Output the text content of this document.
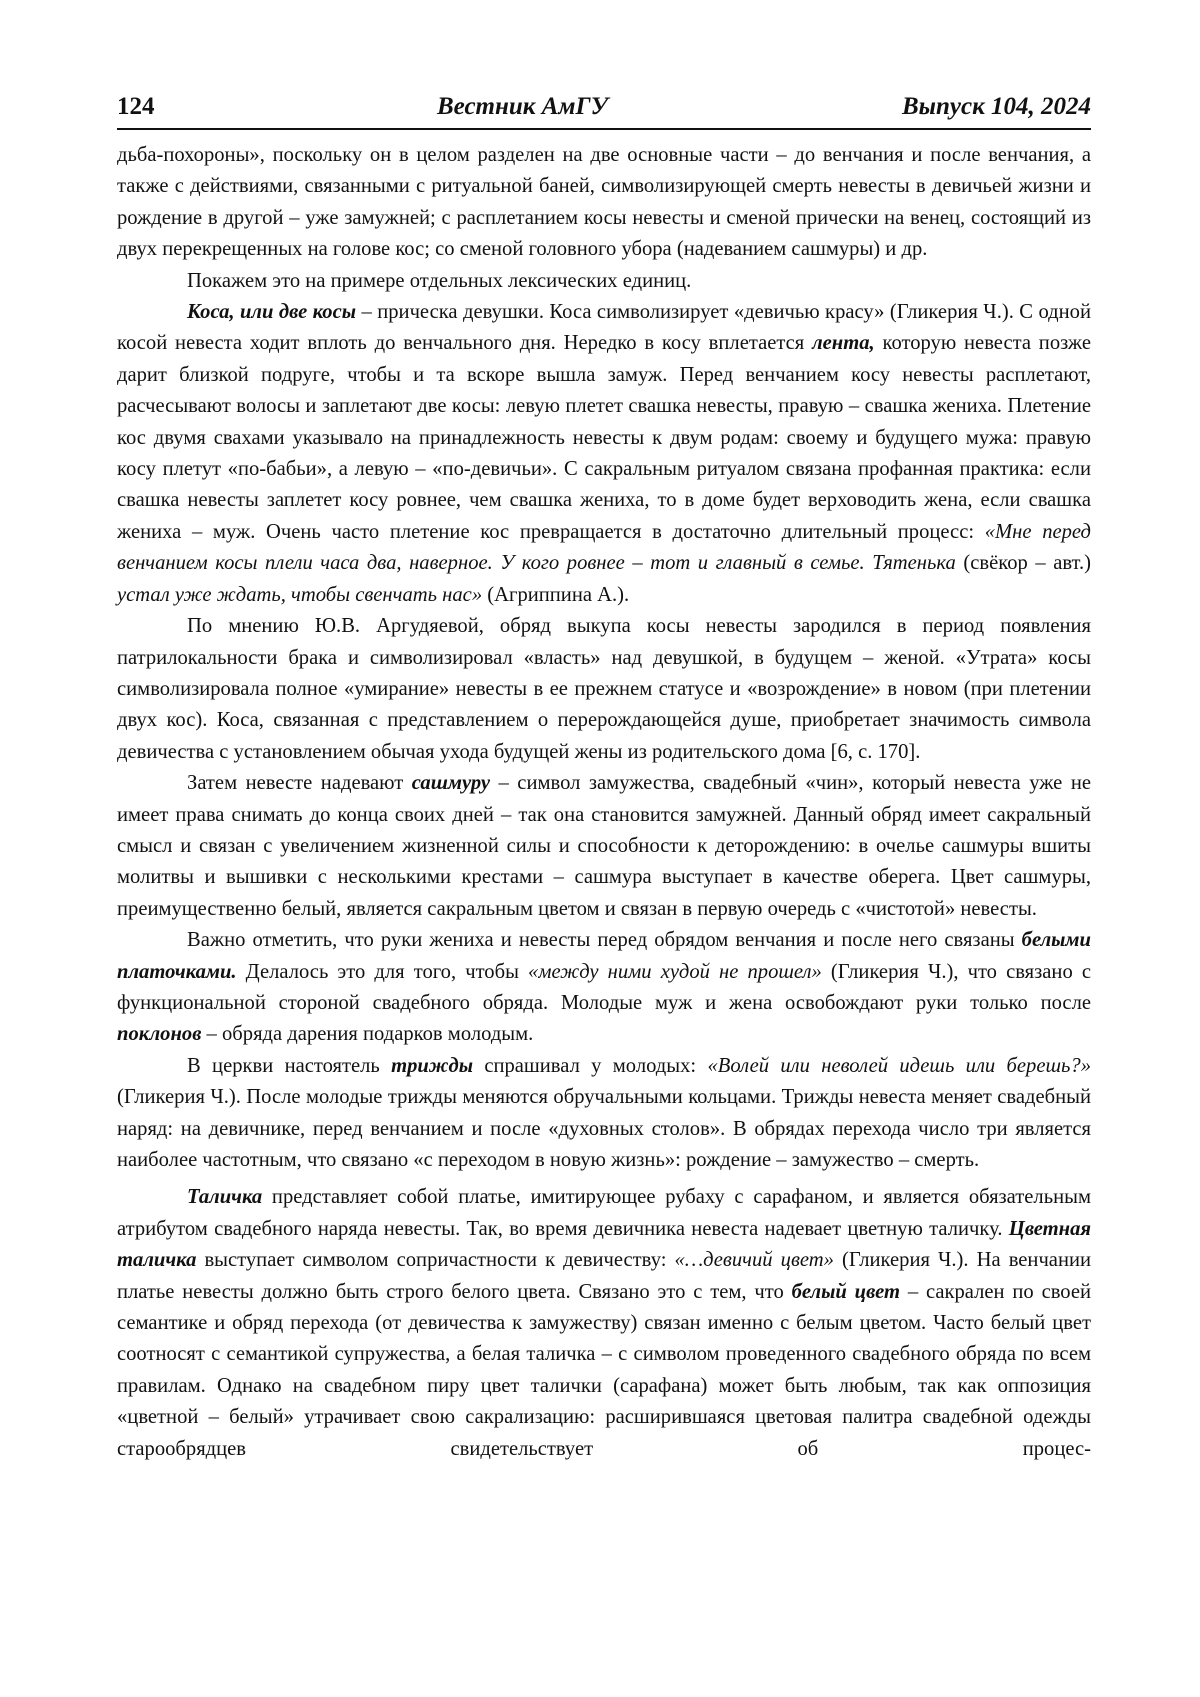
124	Вестник АмГУ	Выпуск 104, 2024

дьба-похороны», поскольку он в целом разделен на две основные части – до венчания и после венчания, а также с действиями, связанными с ритуальной баней, символизирующей смерть невесты в девичьей жизни и рождение в другой – уже замужней; с расплетанием косы невесты и сменой прически на венец, состоящий из двух перекрещенных на голове кос; со сменой головного убора (надеванием сашмуры) и др.

Покажем это на примере отдельных лексических единиц.

Коса, или две косы – прическа девушки. Коса символизирует «девичью красу» (Гликерия Ч.). С одной косой невеста ходит вплоть до венчального дня. Нередко в косу вплетается лента, которую невеста позже дарит близкой подруге, чтобы и та вскоре вышла замуж. Перед венчанием косу невесты расплетают, расчесывают волосы и заплетают две косы: левую плетет свашка невесты, правую – свашка жениха. Плетение кос двумя свахами указывало на принадлежность невесты к двум родам: своему и будущего мужа: правую косу плетут «по-бабьи», а левую – «по-девичьи». С сакральным ритуалом связана профанная практика: если свашка невесты заплетет косу ровнее, чем свашка жениха, то в доме будет верховодить жена, если свашка жениха – муж. Очень часто плетение кос превращается в достаточно длительный процесс: «Мне перед венчанием косы плели часа два, наверное. У кого ровнее – тот и главный в семье. Тятенька (свёкор – авт.) устал уже ждать, чтобы свенчать нас» (Агриппина А.).

По мнению Ю.В. Аргудяевой, обряд выкупа косы невесты зародился в период появления патрилокальности брака и символизировал «власть» над девушкой, в будущем – женой. «Утрата» косы символизировала полное «умирание» невесты в ее прежнем статусе и «возрождение» в новом (при плетении двух кос). Коса, связанная с представлением о перерождающейся душе, приобретает значимость символа девичества с установлением обычая ухода будущей жены из родительского дома [6, с. 170].

Затем невесте надевают сашмуру – символ замужества, свадебный «чин», который невеста уже не имеет права снимать до конца своих дней – так она становится замужней. Данный обряд имеет сакральный смысл и связан с увеличением жизненной силы и способности к деторождению: в очелье сашмуры вшиты молитвы и вышивки с несколькими крестами – сашмура выступает в качестве оберега. Цвет сашмуры, преимущественно белый, является сакральным цветом и связан в первую очередь с «чистотой» невесты.

Важно отметить, что руки жениха и невесты перед обрядом венчания и после него связаны белыми платочками. Делалось это для того, чтобы «между ними худой не прошел» (Гликерия Ч.), что связано с функциональной стороной свадебного обряда. Молодые муж и жена освобождают руки только после поклонов – обряда дарения подарков молодым.

В церкви настоятель трижды спрашивал у молодых: «Волей или неволей идешь или берешь?» (Гликерия Ч.). После молодые трижды меняются обручальными кольцами. Трижды невеста меняет свадебный наряд: на девичнике, перед венчанием и после «духовных столов». В обрядах перехода число три является наиболее частотным, что связано «с переходом в новую жизнь»: рождение – замужество – смерть.

Таличка представляет собой платье, имитирующее рубаху с сарафаном, и является обязательным атрибутом свадебного наряда невесты. Так, во время девичника невеста надевает цветную таличку. Цветная таличка выступает символом сопричастности к девичеству: «…девичий цвет» (Гликерия Ч.). На венчании платье невесты должно быть строго белого цвета. Связано это с тем, что белый цвет – сакрален по своей семантике и обряд перехода (от девичества к замужеству) связан именно с белым цветом. Часто белый цвет соотносят с семантикой супружества, а белая таличка – с символом проведенного свадебного обряда по всем правилам. Однако на свадебном пиру цвет талички (сарафана) может быть любым, так как оппозиция «цветной – белый» утрачивает свою сакрализацию: расширившаяся цветовая палитра свадебной одежды старообрядцев свидетельствует об процес-
